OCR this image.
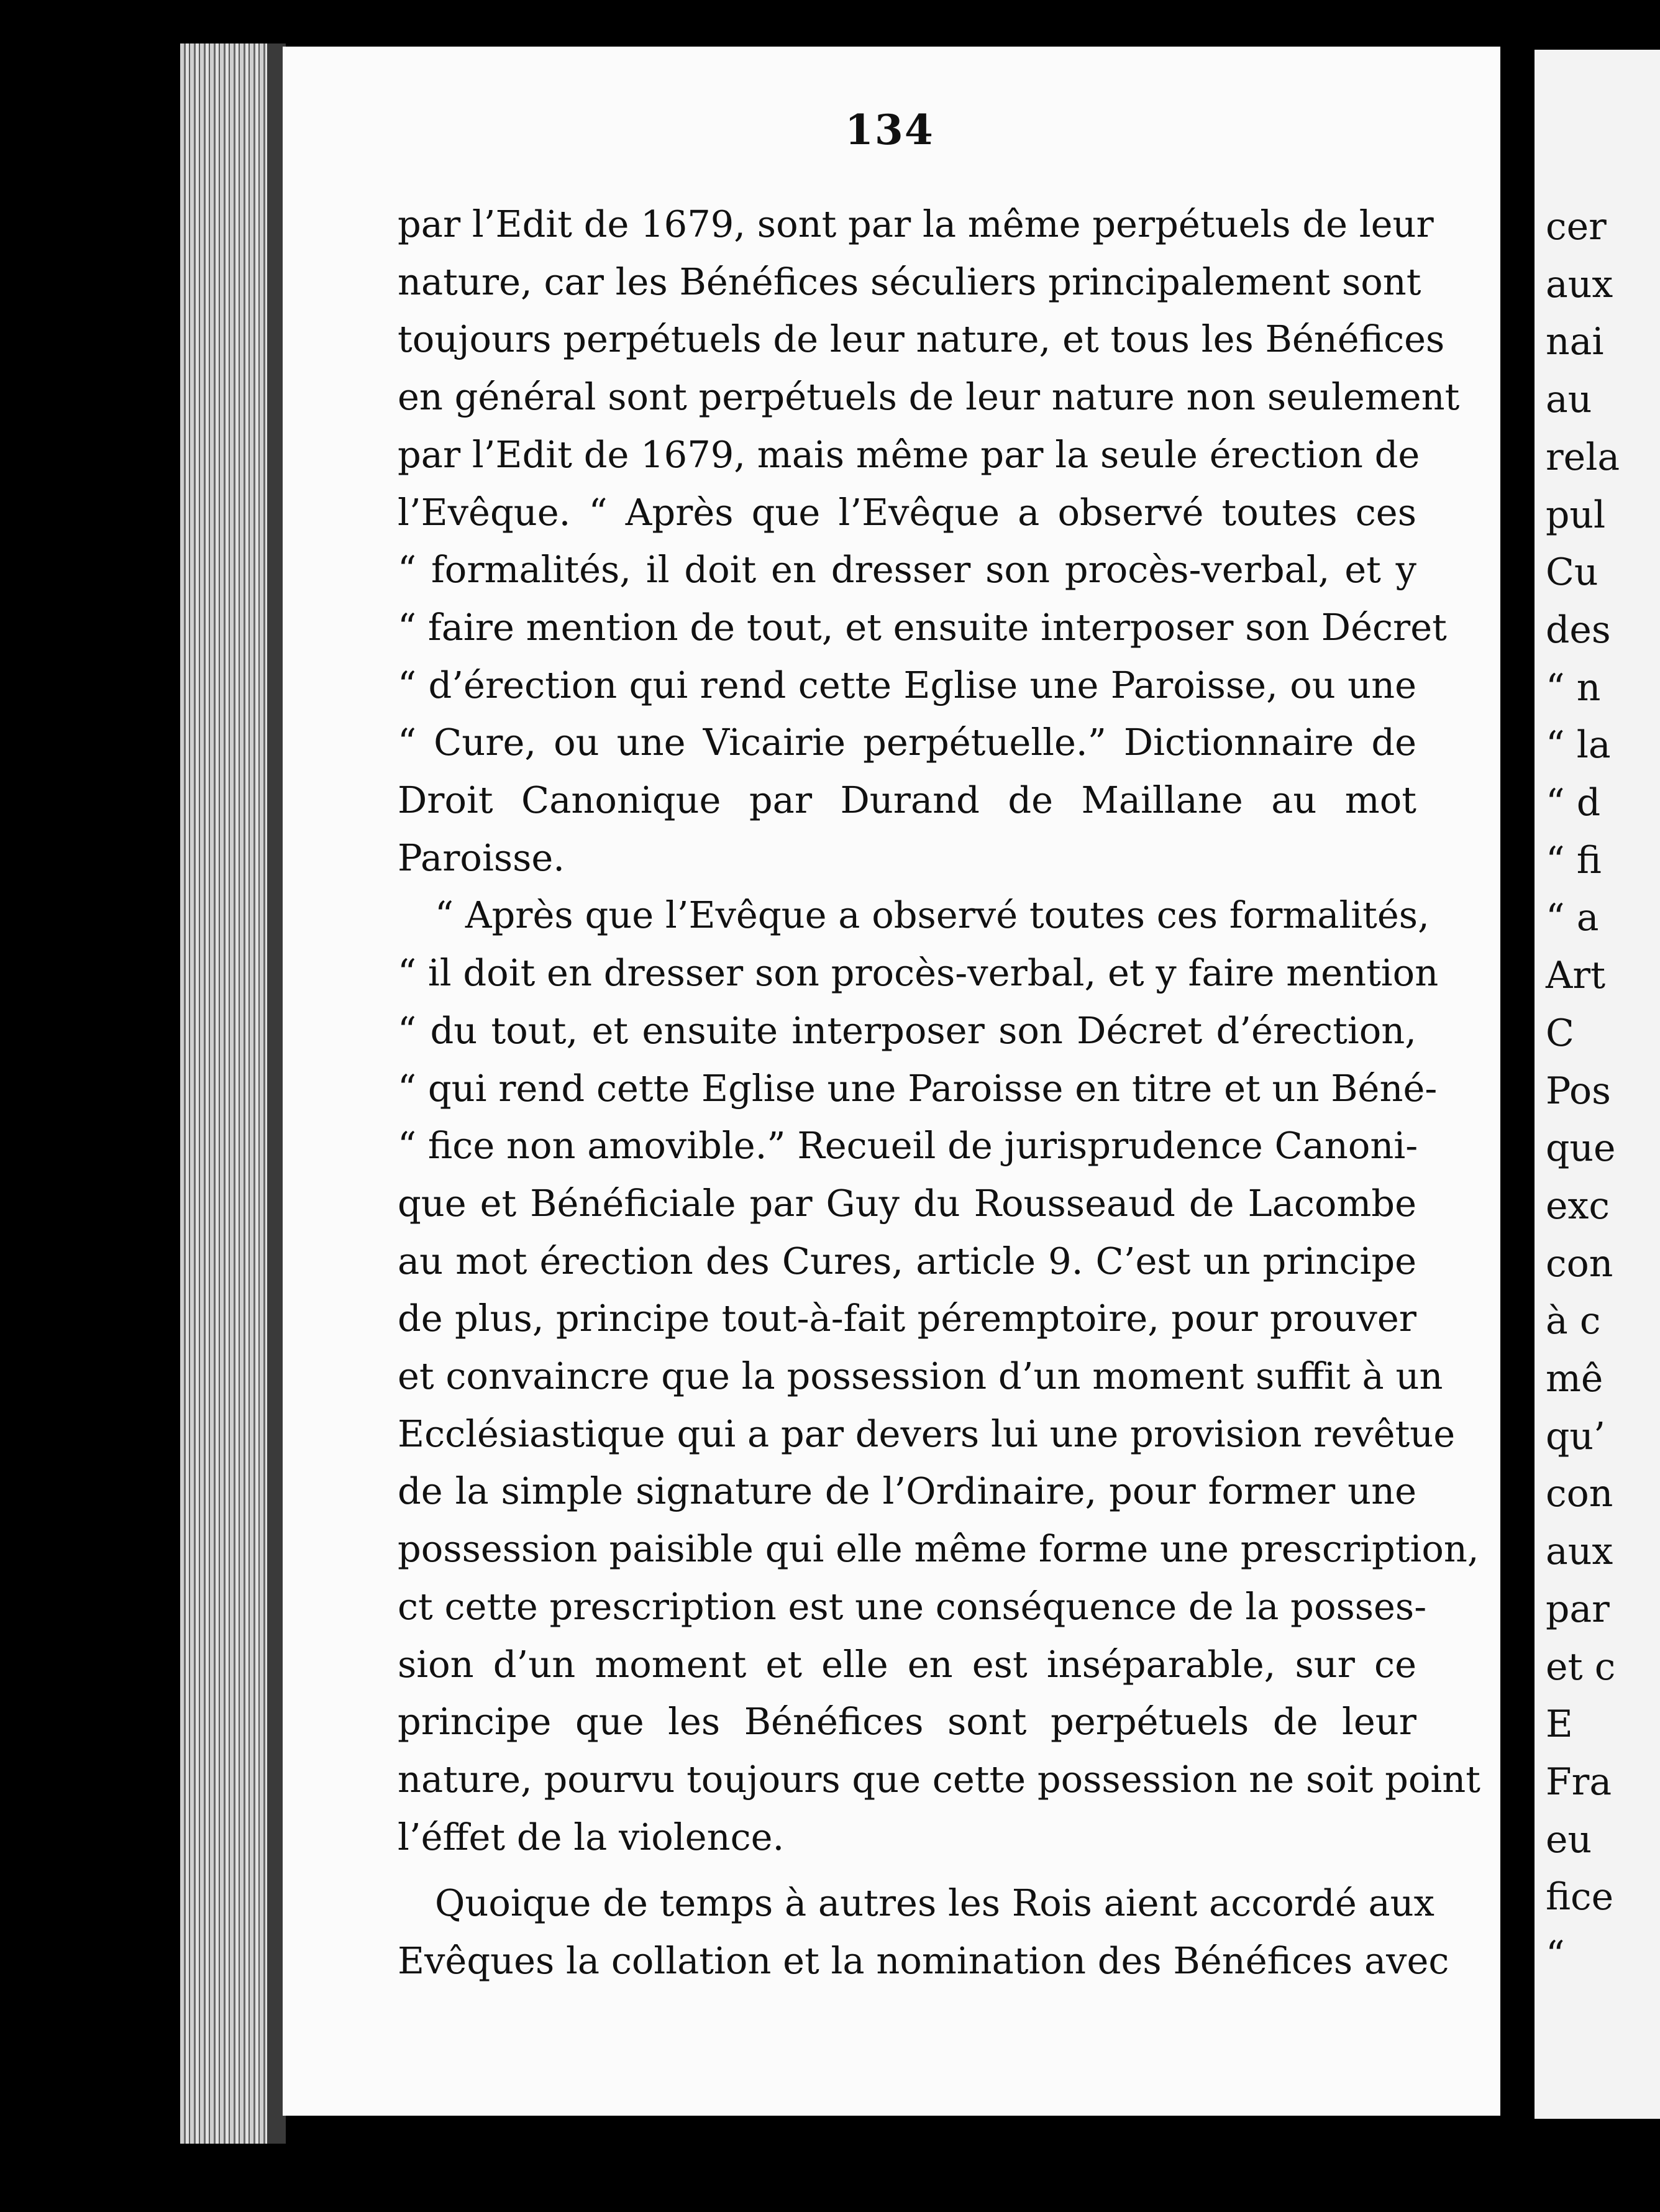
134
par l’Edit de 1679, sont par la même perpétuels de leur
nature, car les Bénéfices séculiers principalement sont
toujours perpétuels de leur nature, et tous les Bénéfices
en général sont perpétuels de leur nature non seulement
par l’Edit de 1679, mais même par la seule érection de
l’Evêque. “ Après que l’Evêque a observé toutes ces
“ formalités, il doit en dresser son procès-verbal, et y
“ faire mention de tout, et ensuite interposer son Décret
“ d’érection qui rend cette Eglise une Paroisse, ou une
“ Cure, ou une Vicairie perpétuelle.” Dictionnaire de
Droit Canonique par Durand de Maillane au mot
Paroisse.
“ Après que l’Evêque a observé toutes ces formalités,
“ il doit en dresser son procès-verbal, et y faire mention
“ du tout, et ensuite interposer son Décret d’érection,
“ qui rend cette Eglise une Paroisse en titre et un Béné-
“ fice non amovible.” Recueil de jurisprudence Canoni-
que et Bénéficiale par Guy du Rousseaud de Lacombe
au mot érection des Cures, article 9. C’est un principe
de plus, principe tout-à-fait péremptoire, pour prouver
et convaincre que la possession d’un moment suffit à un
Ecclésiastique qui a par devers lui une provision revêtue
de la simple signature de l’Ordinaire, pour former une
possession paisible qui elle même forme une prescription,
ct cette prescription est une conséquence de la posses-
sion d’un moment et elle en est inséparable, sur ce
principe que les Bénéfices sont perpétuels de leur
nature, pourvu toujours que cette possession ne soit point
l’éffet de la violence.
Quoique de temps à autres les Rois aient accordé aux
Evêques la collation et la nomination des Bénéfices avec
cer
aux
nai
au
rela
pul
Cu
des
“ n
“ la
“ d
“ fi
“ a
Art
C
Pos
que
exc
con
à c
mê
qu’
con
aux
par
et c
E
Fra
eu
fice
“
